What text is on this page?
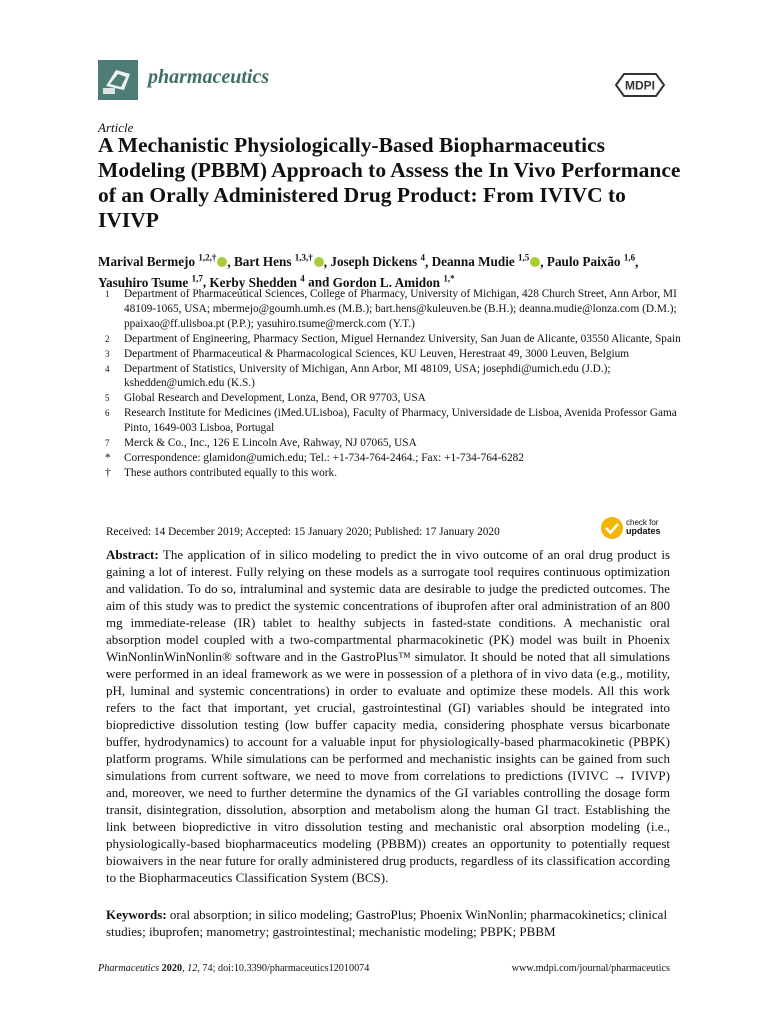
pharmaceutics	MDPI
Article
A Mechanistic Physiologically-Based Biopharmaceutics Modeling (PBBM) Approach to Assess the In Vivo Performance of an Orally Administered Drug Product: From IVIVC to IVIVP
Marival Bermejo $^{1,2,\dagger}$ , Bart Hens $^{1,3,\dagger}$ , Joseph Dickens $^4$, Deanna Mudie $^{1,5}$ , Paulo Paixão $^{1,6}$, Yasuhiro Tsume $^{1,7}$, Kerby Shedden $^4$ and Gordon L. Amidon $^{1,*}$
1	Department of Pharmaceutical Sciences, College of Pharmacy, University of Michigan, 428 Church Street, Ann Arbor, MI 48109-1065, USA; mbermejo@goumh.umh.es (M.B.); bart.hens@kuleuven.be (B.H.); deanna.mudie@lonza.com (D.M.); ppaixao@ff.ulisboa.pt (P.P.); yasuhiro.tsume@merck.com (Y.T.)
2	Department of Engineering, Pharmacy Section, Miguel Hernandez University, San Juan de Alicante, 03550 Alicante, Spain
3	Department of Pharmaceutical & Pharmacological Sciences, KU Leuven, Herestraat 49, 3000 Leuven, Belgium
4	Department of Statistics, University of Michigan, Ann Arbor, MI 48109, USA; josephdi@umich.edu (J.D.); kshedden@umich.edu (K.S.)
5	Global Research and Development, Lonza, Bend, OR 97703, USA
6	Research Institute for Medicines (iMed.ULisboa), Faculty of Pharmacy, Universidade de Lisboa, Avenida Professor Gama Pinto, 1649-003 Lisboa, Portugal
7	Merck & Co., Inc., 126 E Lincoln Ave, Rahway, NJ 07065, USA
*	Correspondence: glamidon@umich.edu; Tel.: +1-734-764-2464.; Fax: +1-734-764-6282
†	These authors contributed equally to this work.
Received: 14 December 2019; Accepted: 15 January 2020; Published: 17 January 2020
check for
updates
Abstract: The application of in silico modeling to predict the in vivo outcome of an oral drug product is gaining a lot of interest. Fully relying on these models as a surrogate tool requires continuous optimization and validation. To do so, intraluminal and systemic data are desirable to judge the predicted outcomes. The aim of this study was to predict the systemic concentrations of ibuprofen after oral administration of an 800 mg immediate-release (IR) tablet to healthy subjects in fasted-state conditions. A mechanistic oral absorption model coupled with a two-compartmental pharmacokinetic (PK) model was built in Phoenix WinNonlinWinNonlin® software and in the GastroPlus™ simulator. It should be noted that all simulations were performed in an ideal framework as we were in possession of a plethora of in vivo data (e.g., motility, pH, luminal and systemic concentrations) in order to evaluate and optimize these models. All this work refers to the fact that important, yet crucial, gastrointestinal (GI) variables should be integrated into biopredictive dissolution testing (low buffer capacity media, considering phosphate versus bicarbonate buffer, hydrodynamics) to account for a valuable input for physiologically-based pharmacokinetic (PBPK) platform programs. While simulations can be performed and mechanistic insights can be gained from such simulations from current software, we need to move from correlations to predictions (IVIVC → IVIVP) and, moreover, we need to further determine the dynamics of the GI variables controlling the dosage form transit, disintegration, dissolution, absorption and metabolism along the human GI tract. Establishing the link between biopredictive in vitro dissolution testing and mechanistic oral absorption modeling (i.e., physiologically-based biopharmaceutics modeling (PBBM)) creates an opportunity to potentially request biowaivers in the near future for orally administered drug products, regardless of its classification according to the Biopharmaceutics Classification System (BCS).
Keywords: oral absorption; in silico modeling; GastroPlus; Phoenix WinNonlin; pharmacokinetics; clinical studies; ibuprofen; manometry; gastrointestinal; mechanistic modeling; PBPK; PBBM
Pharmaceutics 2020, 12, 74; doi:10.3390/pharmaceutics12010074	www.mdpi.com/journal/pharmaceutics
